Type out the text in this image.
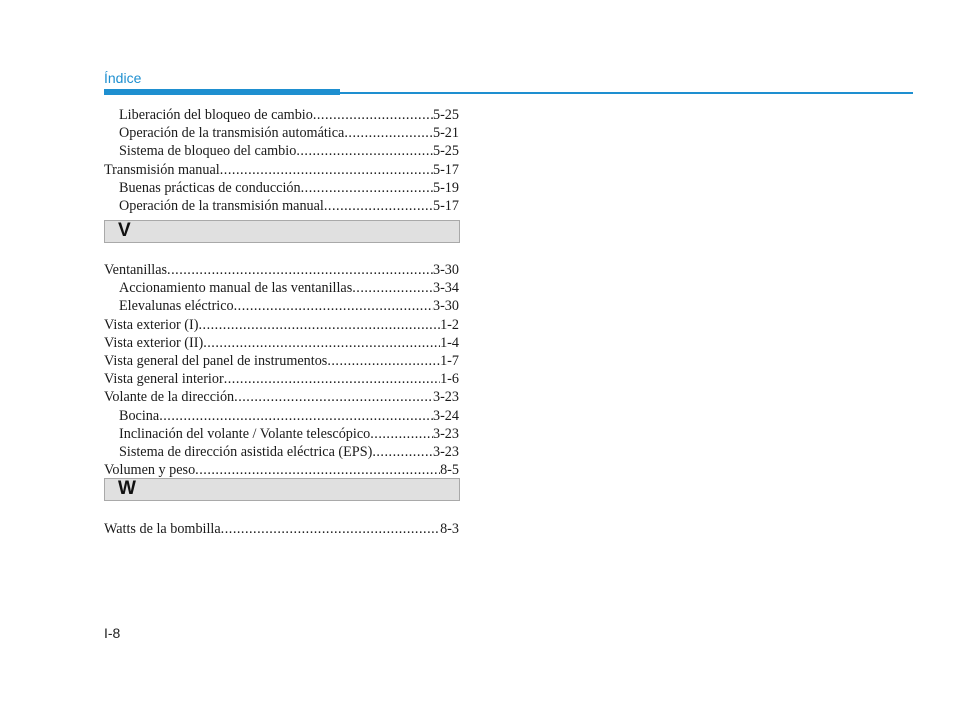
Índice
Liberación del bloqueo de cambio .....	5-25
Operación de la transmisión automática .....	5-21
Sistema de bloqueo del cambio .....	5-25
Transmisión manual .....	5-17
Buenas prácticas de conducción .....	5-19
Operación de la transmisión manual .....	5-17
V
Ventanillas .....	3-30
Accionamiento manual de las ventanillas .....	3-34
Elevalunas eléctrico .....	3-30
Vista exterior (I) .....	1-2
Vista exterior (II) .....	1-4
Vista general del panel de instrumentos .....	1-7
Vista general interior .....	1-6
Volante de la dirección .....	3-23
Bocina .....	3-24
Inclinación del volante / Volante telescópico .....	3-23
Sistema de dirección asistida eléctrica (EPS) .....	3-23
Volumen y peso .....	8-5
W
Watts de la bombilla .....	8-3
I-8
